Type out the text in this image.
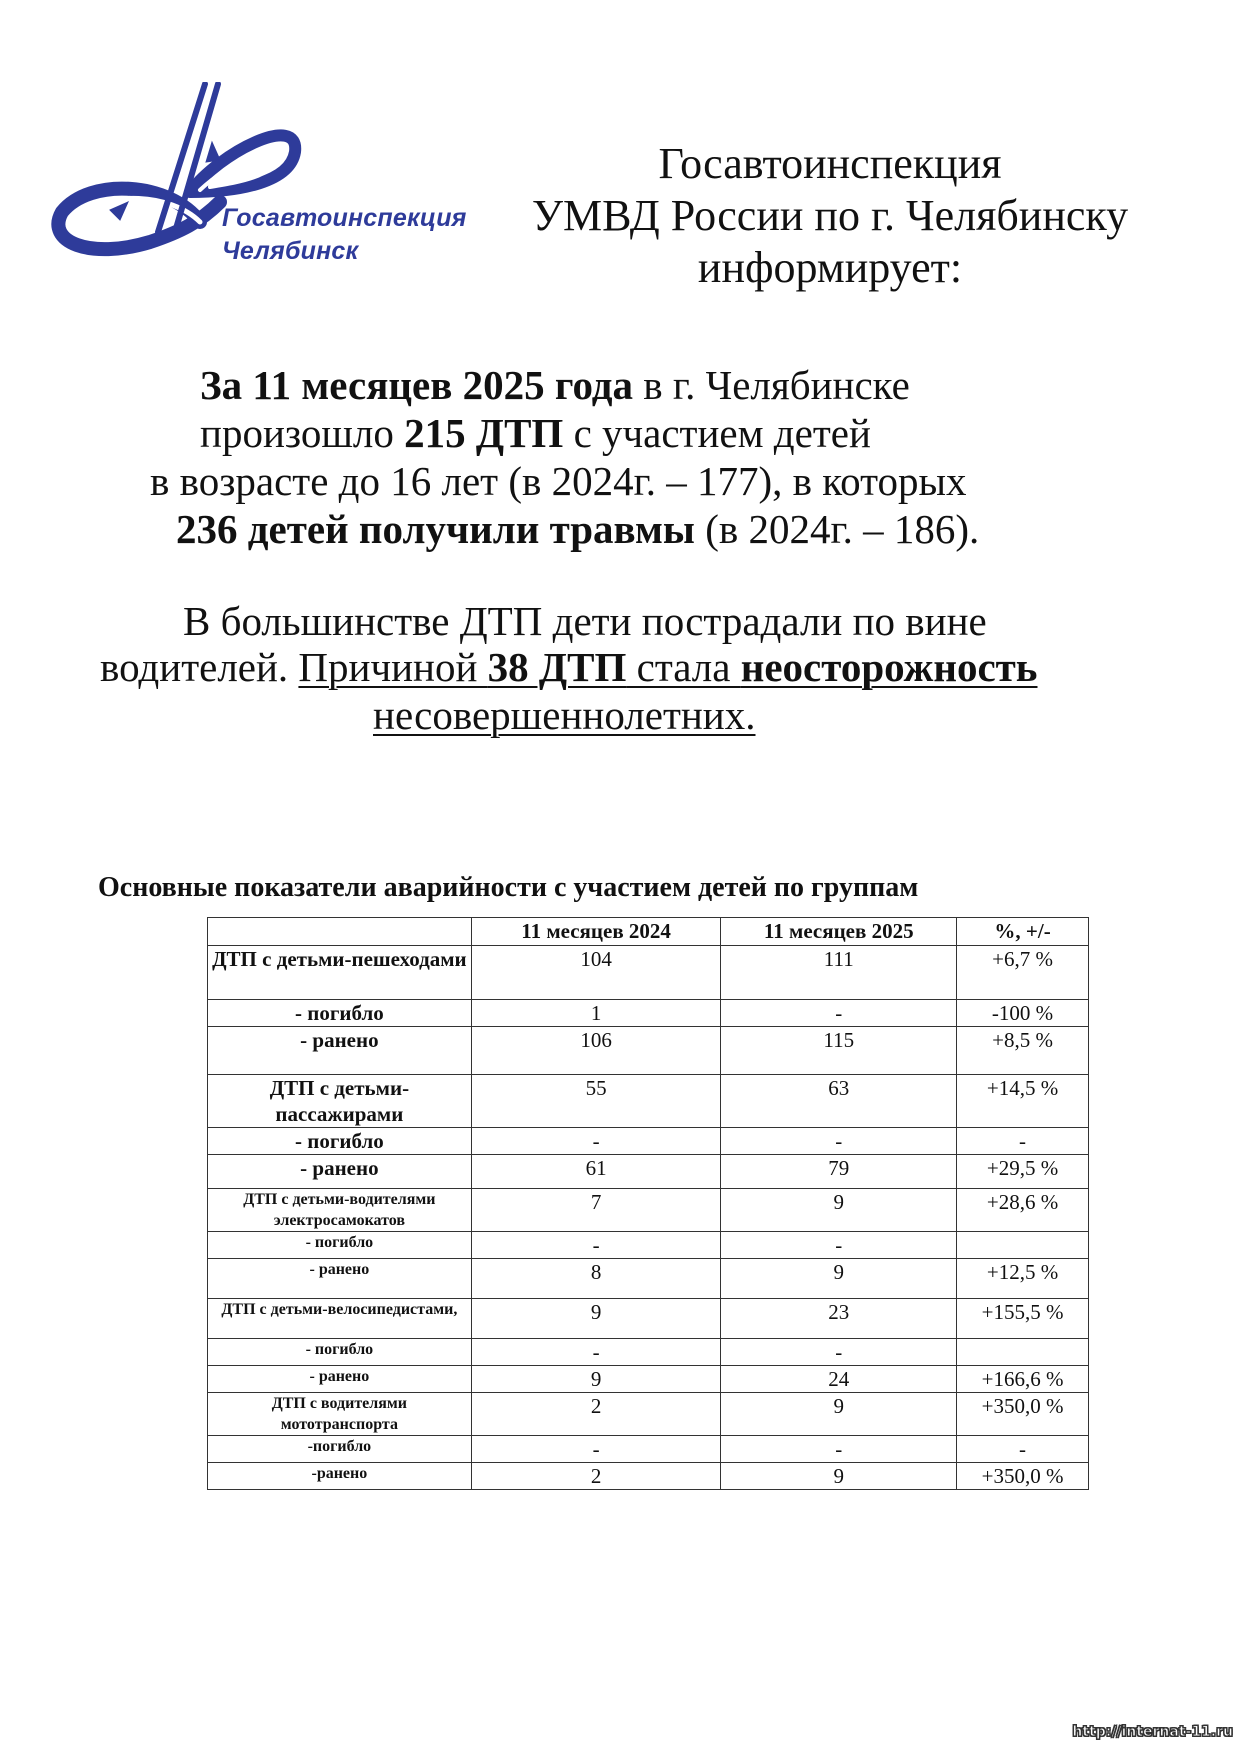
Госавтоинспекция
Челябинск
Госавтоинспекция
УМВД России по г. Челябинску
информирует:
За 11 месяцев 2025 года в г. Челябинске
произошло 215 ДТП с участием детей
в возрасте до 16 лет (в 2024г. – 177), в которых
236 детей получили травмы (в 2024г. – 186).
В большинстве ДТП дети пострадали по вине
водителей. Причиной 38 ДТП стала неосторожность
несовершеннолетних.
Основные показатели аварийности с участием детей по группам
	11 месяцев 2024	11 месяцев 2025	%, +/-
ДТП с детьми-пешеходами	104	111	+6,7 %
- погибло	1	-	-100 %
- ранено	106	115	+8,5 %
ДТП с детьми-пассажирами	55	63	+14,5 %
- погибло	-	-	-
- ранено	61	79	+29,5 %
ДТП с детьми-водителями электросамокатов	7	9	+28,6 %
- погибло	-	-	
- ранено	8	9	+12,5 %
ДТП с детьми-велосипедистами,	9	23	+155,5 %
- погибло	-	-	
- ранено	9	24	+166,6 %
ДТП с водителями мототранспорта	2	9	+350,0 %
-погибло	-	-	-
-ранено	2	9	+350,0 %
http://internat-11.ru
